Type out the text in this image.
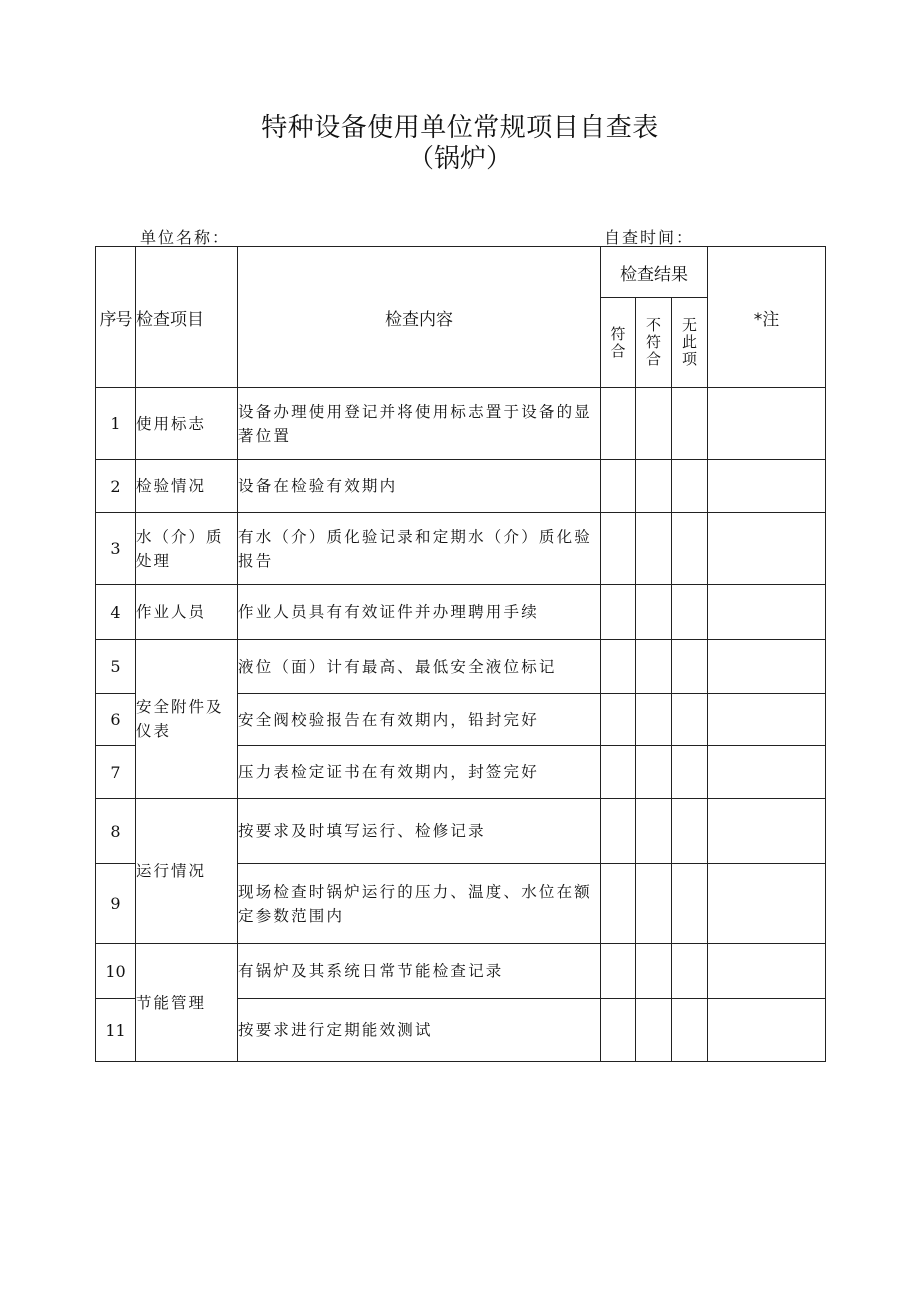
特种设备使用单位常规项目自查表
（锅炉）
单位名称：	自查时间：
序号	检查项目	检查内容	检查结果			*注
			符合	不符合	无此项	
1	使用标志	设备办理使用登记并将使用标志置于设备的显著位置				
2	检验情况	设备在检验有效期内				
3	水（介）质处理	有水（介）质化验记录和定期水（介）质化验报告				
4	作业人员	作业人员具有有效证件并办理聘用手续				
5	安全附件及仪表	液位（面）计有最高、最低安全液位标记				
6		安全阀校验报告在有效期内，铅封完好				
7		压力表检定证书在有效期内，封签完好				
8	运行情况	按要求及时填写运行、检修记录				
9		现场检查时锅炉运行的压力、温度、水位在额定参数范围内				
10	节能管理	有锅炉及其系统日常节能检查记录				
11		按要求进行定期能效测试				
